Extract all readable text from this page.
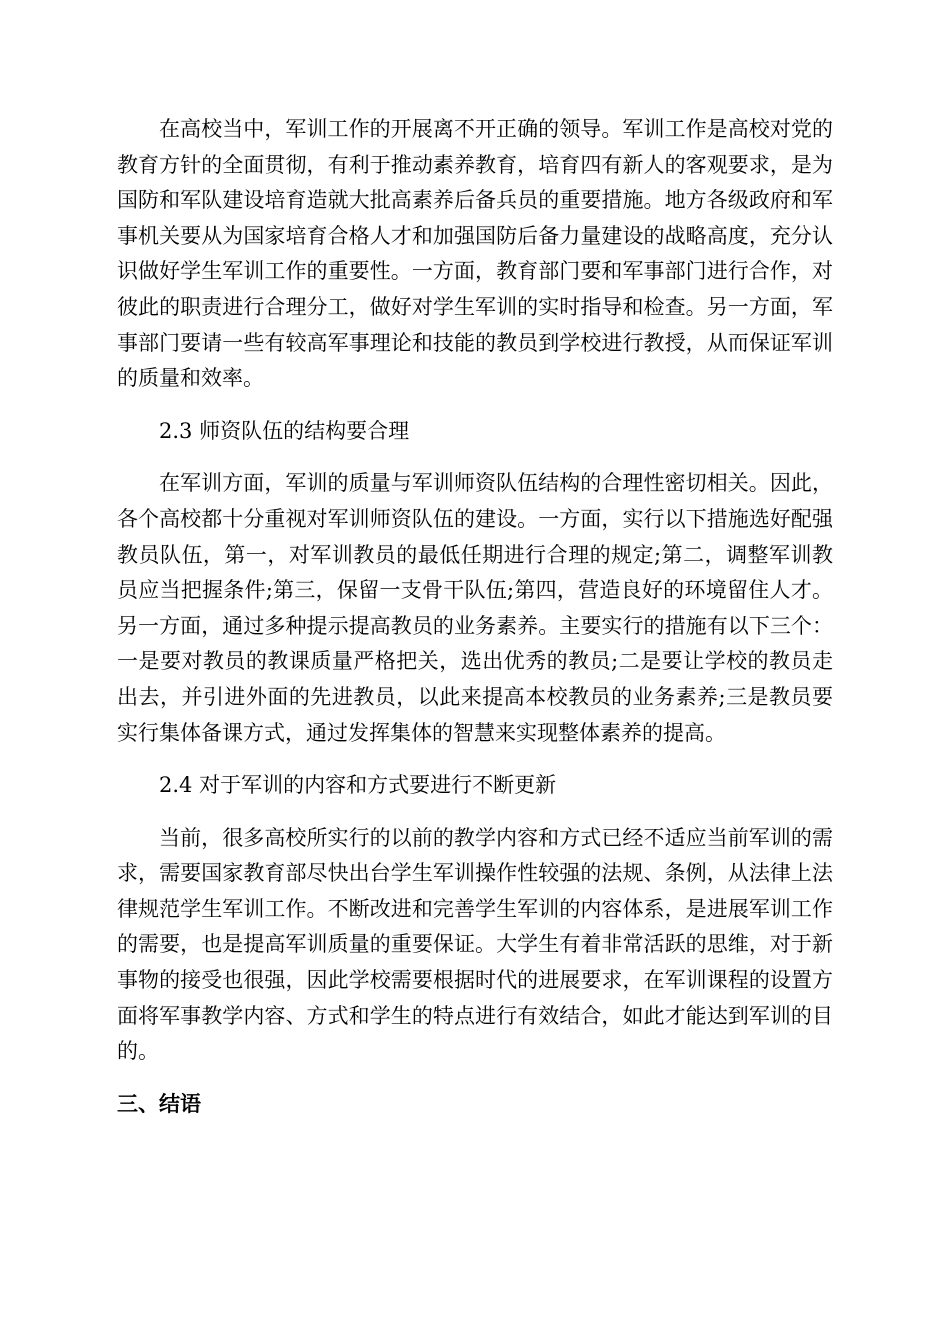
在高校当中，军训工作的开展离不开正确的领导。军训工作是高校对党的教育方针的全面贯彻，有利于推动素养教育，培育四有新人的客观要求，是为国防和军队建设培育造就大批高素养后备兵员的重要措施。地方各级政府和军事机关要从为国家培育合格人才和加强国防后备力量建设的战略高度，充分认识做好学生军训工作的重要性。一方面，教育部门要和军事部门进行合作，对彼此的职责进行合理分工，做好对学生军训的实时指导和检查。另一方面，军事部门要请一些有较高军事理论和技能的教员到学校进行教授，从而保证军训的质量和效率。

2.3 师资队伍的结构要合理

在军训方面，军训的质量与军训师资队伍结构的合理性密切相关。因此，各个高校都十分重视对军训师资队伍的建设。一方面，实行以下措施选好配强教员队伍，第一，对军训教员的最低任期进行合理的规定;第二，调整军训教员应当把握条件;第三，保留一支骨干队伍;第四，营造良好的环境留住人才。另一方面，通过多种提示提高教员的业务素养。主要实行的措施有以下三个：一是要对教员的教课质量严格把关，选出优秀的教员;二是要让学校的教员走出去，并引进外面的先进教员，以此来提高本校教员的业务素养;三是教员要实行集体备课方式，通过发挥集体的智慧来实现整体素养的提高。

2.4 对于军训的内容和方式要进行不断更新

当前，很多高校所实行的以前的教学内容和方式已经不适应当前军训的需求，需要国家教育部尽快出台学生军训操作性较强的法规、条例，从法律上法律规范学生军训工作。不断改进和完善学生军训的内容体系，是进展军训工作的需要，也是提高军训质量的重要保证。大学生有着非常活跃的思维，对于新事物的接受也很强，因此学校需要根据时代的进展要求，在军训课程的设置方面将军事教学内容、方式和学生的特点进行有效结合，如此才能达到军训的目的。

三、结语
